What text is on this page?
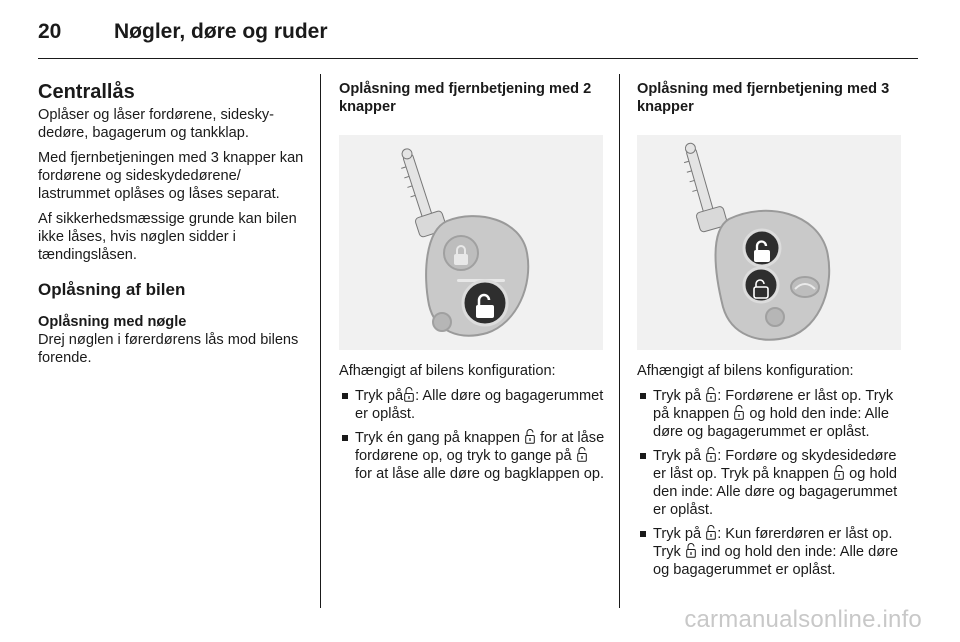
20	Nøgler, døre og ruder
Centrallås

Oplåser og låser fordørene, sideskydedøre, bagagerum og tankklap.

Med fjernbetjeningen med 3 knapper kan fordørene og sideskydedørene/ lastrummet oplåses og låses separat.

Af sikkerhedsmæssige grunde kan bilen ikke låses, hvis nøglen sidder i tændingslåsen.

Oplåsning af bilen
Oplåsning med nøgle

Drej nøglen i førerdørens lås mod bilens forende.

Oplåsning med fjernbetjening med 2 knapper

Afhængigt af bilens konfiguration:

Tryk på : Alle døre og bagagerummet er oplåst.
Tryk én gang på knappen for at låse fordørene op, og tryk to gange på  for at låse alle døre og bagklappen op.
Oplåsning med fjernbetjening med 3 knapper

Afhængigt af bilens konfiguration:

Tryk på : Fordørene er låst op. Tryk på knappen og hold den inde: Alle døre og bagagerummet er oplåst.
Tryk på : Fordøre og skydesidedøre er låst op. Tryk på knappen og hold den inde: Alle døre og bagagerummet er oplåst.
Tryk på : Kun førerdøren er låst op. Tryk ind og hold den inde: Alle døre og bagagerummet er oplåst.
carmanualsonline.info
